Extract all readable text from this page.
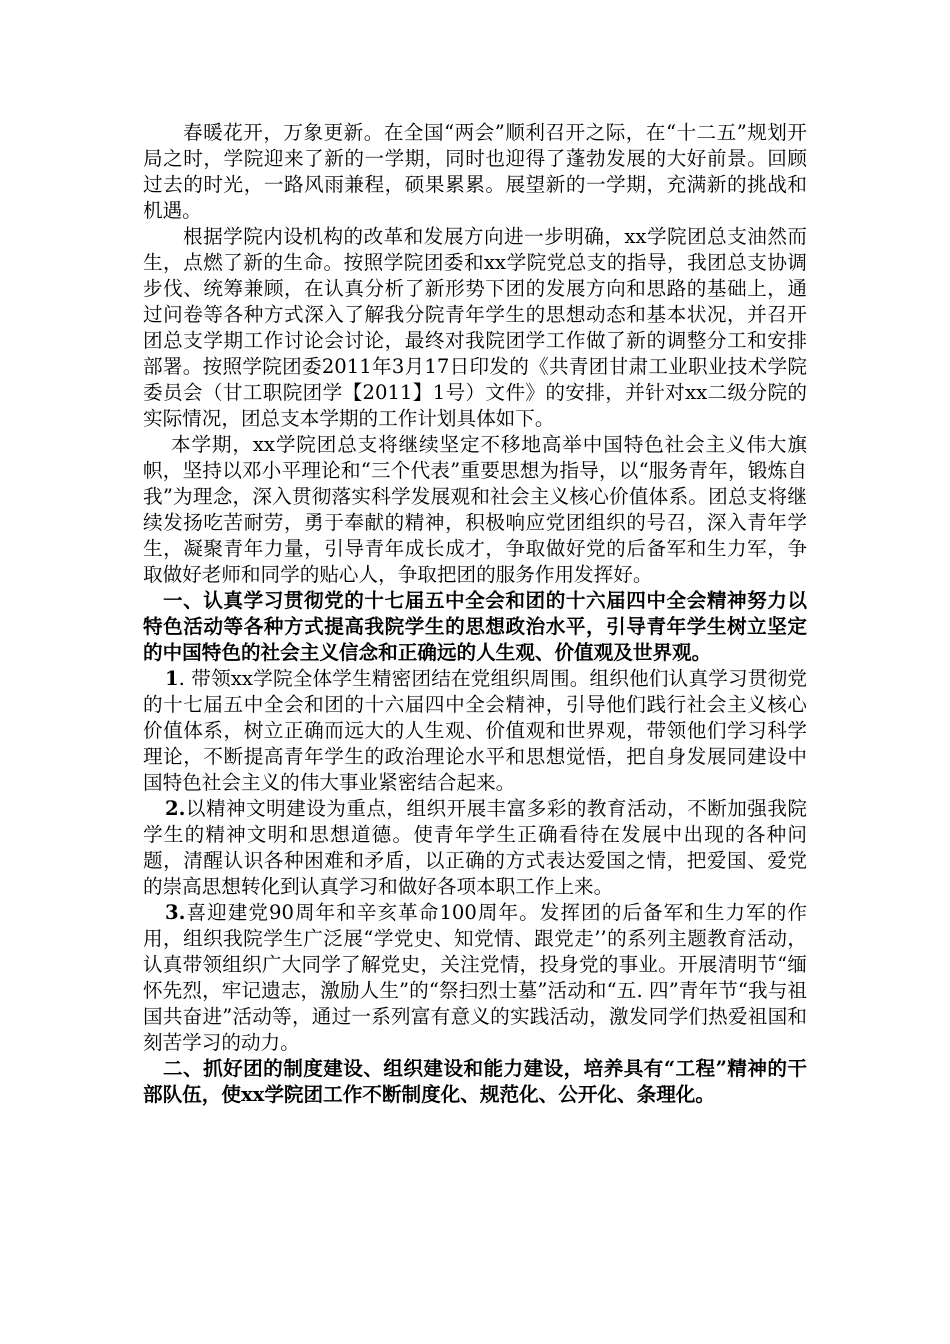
春暖花开，万象更新。在全国“两会”顺利召开之际，在“十二五”规划开局之时，学院迎来了新的一学期，同时也迎得了蓬勃发展的大好前景。回顾过去的时光，一路风雨兼程，硕果累累。展望新的一学期，充满新的挑战和机遇。

根据学院内设机构的改革和发展方向进一步明确，xx学院团总支油然而生，点燃了新的生命。按照学院团委和xx学院党总支的指导，我团总支协调步伐、统筹兼顾，在认真分析了新形势下团的发展方向和思路的基础上，通过问卷等各种方式深入了解我分院青年学生的思想动态和基本状况，并召开团总支学期工作讨论会讨论，最终对我院团学工作做了新的调整分工和安排部署。按照学院团委2011年3月17日印发的《共青团甘肃工业职业技术学院委员会（甘工职院团学【2011】1号）文件》的安排，并针对xx二级分院的实际情况，团总支本学期的工作计划具体如下。

本学期，xx学院团总支将继续坚定不移地高举中国特色社会主义伟大旗帜，坚持以邓小平理论和“三个代表”重要思想为指导，以“服务青年，锻炼自我”为理念，深入贯彻落实科学发展观和社会主义核心价值体系。团总支将继续发扬吃苦耐劳，勇于奉献的精神，积极响应党团组织的号召，深入青年学生，凝聚青年力量，引导青年成长成才，争取做好党的后备军和生力军，争取做好老师和同学的贴心人，争取把团的服务作用发挥好。

一、认真学习贯彻党的十七届五中全会和团的十六届四中全会精神努力以特色活动等各种方式提高我院学生的思想政治水平，引导青年学生树立坚定的中国特色的社会主义信念和正确远的人生观、价值观及世界观。

1. 带领xx学院全体学生精密团结在党组织周围。组织他们认真学习贯彻党的十七届五中全会和团的十六届四中全会精神，引导他们践行社会主义核心价值体系，树立正确而远大的人生观、价值观和世界观，带领他们学习科学理论，不断提高青年学生的政治理论水平和思想觉悟，把自身发展同建设中国特色社会主义的伟大事业紧密结合起来。

2.以精神文明建设为重点，组织开展丰富多彩的教育活动，不断加强我院学生的精神文明和思想道德。使青年学生正确看待在发展中出现的各种问题，清醒认识各种困难和矛盾，以正确的方式表达爱国之情，把爱国、爱党的崇高思想转化到认真学习和做好各项本职工作上来。

3.喜迎建党90周年和辛亥革命100周年。发挥团的后备军和生力军的作用，组织我院学生广泛展“学党史、知党情、跟党走’’的系列主题教育活动，认真带领组织广大同学了解党史，关注党情，投身党的事业。开展清明节“缅怀先烈，牢记遗志，激励人生”的“祭扫烈士墓”活动和“五. 四”青年节“我与祖国共奋进”活动等，通过一系列富有意义的实践活动，激发同学们热爱祖国和刻苦学习的动力。

二、抓好团的制度建设、组织建设和能力建设，培养具有“工程”精神的干部队伍，使xx学院团工作不断制度化、规范化、公开化、条理化。
